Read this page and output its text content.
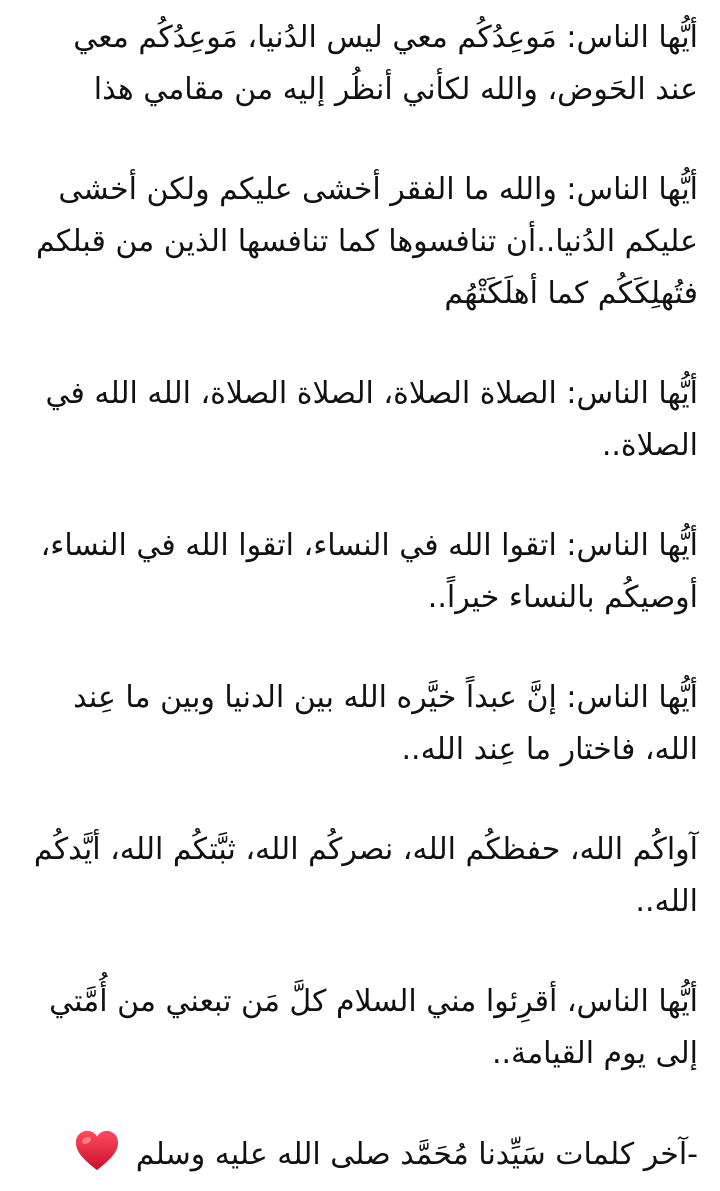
أيُّها الناس: مَوعِدُكُم معي ليس الدُنيا، مَوعِدُكُم معي عند الحَوض، والله لكأني أنظُر إليه من مقامي هذا

أيُّها الناس: والله ما الفقر أخشى عليكم ولكن أخشى عليكم الدُنيا..أن تنافسوها كما تنافسها الذين من قبلكم فتُهلِكَكُم كما أهلَكَتْهُم

أيُّها الناس: الصلاة الصلاة، الصلاة الصلاة، الله الله في الصلاة..

أيُّها الناس: اتقوا الله في النساء، اتقوا الله في النساء، أوصيكُم بالنساء خيراً..

أيُّها الناس: إنَّ عبداً خيَّره الله بين الدنيا وبين ما عِند الله، فاختار ما عِند الله..

آواكُم الله، حفظكُم الله، نصركُم الله، ثبَّتكُم الله، أيَّدكُم الله..

أيُّها الناس، أقرِئوا مني السلام كلَّ مَن تبعني من أُمَّتي إلى يوم القيامة..

-آخر كلمات سَيِّدنا مُحَمَّد صلى الله عليه وسلم
